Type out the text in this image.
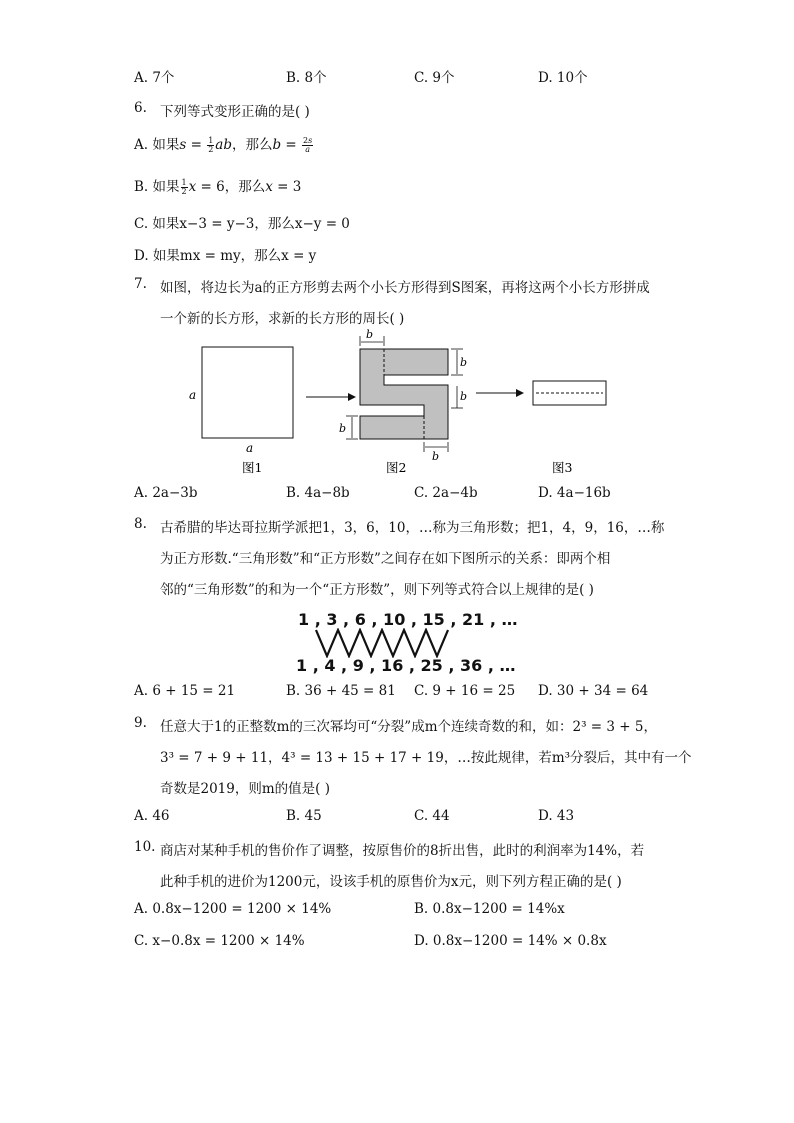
A. 7个	B. 8个	C. 9个	D. 10个
6. 下列等式变形正确的是( )
A. 如果$s = \frac{1}{2}$ ab，那么$b = \frac{2s}{a}$
B. 如果 $\frac{1}{2}$ x = 6，那么x = 3
C. 如果x−3 = y−3，那么x−y = 0
D. 如果mx = my，那么x = y
7. 如图，将边长为a的正方形剪去两个小长方形得到S图案，再将这两个小长方形拼成
一个新的长方形，求新的长方形的周长( )
a
a
b
b
b
b
b
图1	图2	图3
A. 2a−3b	B. 4a−8b	C. 2a−4b	D. 4a−16b
8. 古希腊的毕达哥拉斯学派把1，3，6，10，…称为三角形数；把1，4，9，16，…称
为正方形数.“三角形数”和“正方形数”之间存在如下图所示的关系：即两个相
邻的“三角形数”的和为一个“正方形数”，则下列等式符合以上规律的是( )
1 , 3 , 6 , 10 , 15 , 21 , …
1 , 4 , 9 , 16 , 25 , 36 , …
A. 6 + 15 = 21	B. 36 + 45 = 81 C. 9 + 16 = 25 D. 30 + 34 = 64
9. 任意大于1的正整数m的三次幂均可“分裂”成m个连续奇数的和，如：2³ = 3 + 5，
3³ = 7 + 9 + 11，4³ = 13 + 15 + 17 + 19，…按此规律，若m³分裂后，其中有一个
奇数是2019，则m的值是( )
A. 46	B. 45	C. 44	D. 43
10. 商店对某种手机的售价作了调整，按原售价的8折出售，此时的利润率为14%，若
此种手机的进价为1200元，设该手机的原售价为x元，则下列方程正确的是( )
A. 0.8x−1200 = 1200 × 14%	B. 0.8x−1200 = 14%x
C. x−0.8x = 1200 × 14%	D. 0.8x−1200 = 14% × 0.8x
